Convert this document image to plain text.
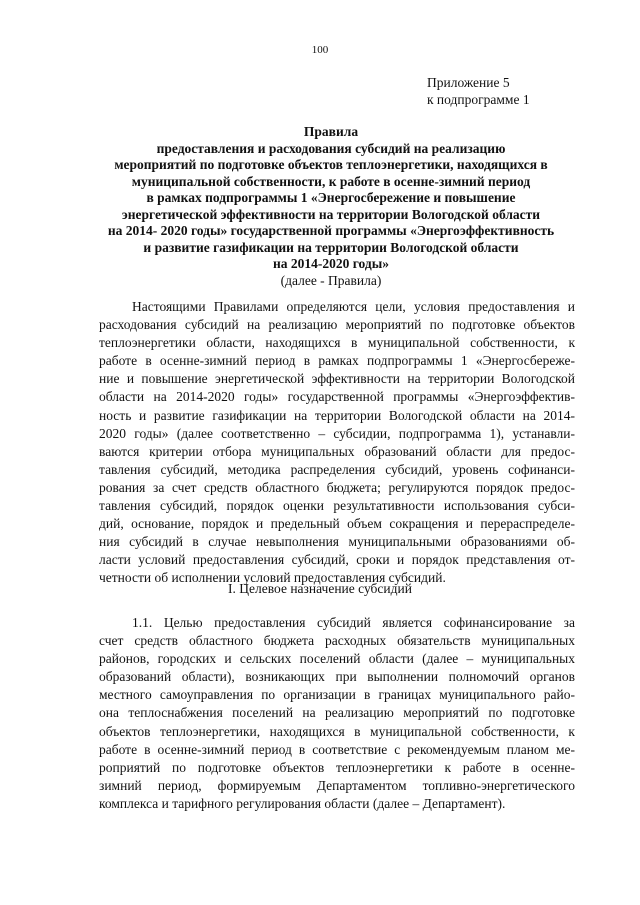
100
Приложение 5
к подпрограмме 1
Правила
предоставления и расходования субсидий на реализацию
мероприятий по подготовке объектов теплоэнергетики, находящихся в
муниципальной собственности, к работе в осенне-зимний период
в рамках подпрограммы 1 «Энергосбережение и повышение
энергетической эффективности на территории Вологодской области
на 2014- 2020 годы» государственной программы «Энергоэффективность
и развитие газификации на территории Вологодской области
на 2014-2020 годы»
(далее - Правила)
Настоящими Правилами определяются цели, условия предоставления и
расходования субсидий на реализацию мероприятий по подготовке объектов
теплоэнергетики области, находящихся в муниципальной собственности, к
работе в осенне-зимний период в рамках подпрограммы 1 «Энергосбереже-
ние и повышение энергетической эффективности на территории Вологодской
области на 2014-2020 годы» государственной программы «Энергоэффектив-
ность и развитие газификации на территории Вологодской области на 2014-
2020 годы» (далее соответственно – субсидии, подпрограмма 1), устанавли-
ваются критерии отбора муниципальных образований области для предос-
тавления субсидий, методика распределения субсидий, уровень софинанси-
рования за счет средств областного бюджета; регулируются порядок предос-
тавления субсидий, порядок оценки результативности использования субси-
дий, основание, порядок и предельный объем сокращения и перераспределе-
ния субсидий в случае невыполнения муниципальными образованиями об-
ласти условий предоставления субсидий, сроки и порядок представления от-
четности об исполнении условий предоставления субсидий.
I. Целевое назначение субсидий
1.1. Целью предоставления субсидий является софинансирование за
счет средств областного бюджета расходных обязательств муниципальных
районов, городских и сельских поселений области (далее – муниципальных
образований области), возникающих при выполнении полномочий органов
местного самоуправления по организации в границах муниципального райо-
она теплоснабжения поселений на реализацию мероприятий по подготовке
объектов теплоэнергетики, находящихся в муниципальной собственности, к
работе в осенне-зимний период в соответствие с рекомендуемым планом ме-
роприятий по подготовке объектов теплоэнергетики к работе в осенне-
зимний период, формируемым Департаментом топливно-энергетического
комплекса и тарифного регулирования области (далее – Департамент).
